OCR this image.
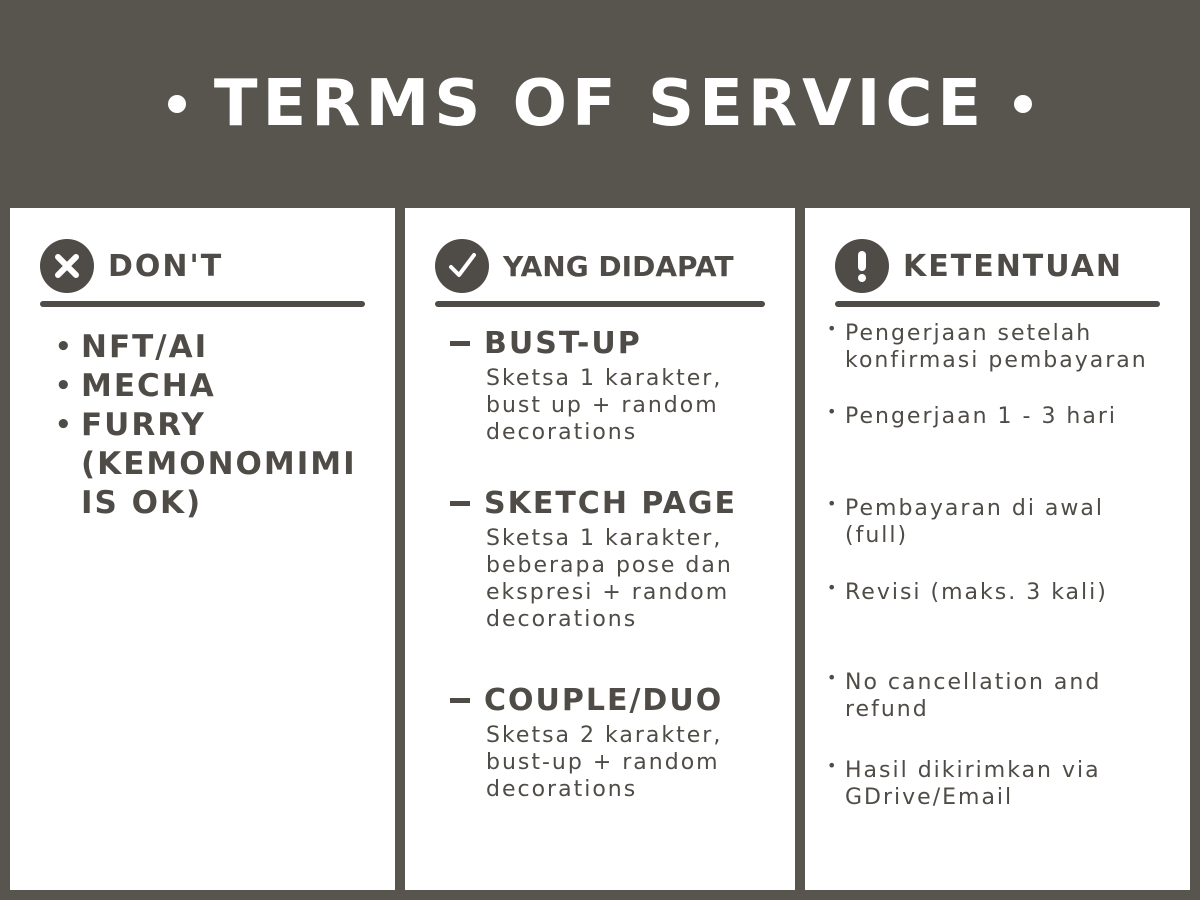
TERMS OF SERVICE
DON'T
• NFT/AI
• MECHA
• FURRY
(KEMONOMIMI
IS OK)
YANG DIDAPAT
BUST-UP
Sketsa 1 karakter,
bust up + random
decorations
SKETCH PAGE
Sketsa 1 karakter,
beberapa pose dan
ekspresi + random
decorations
COUPLE/DUO
Sketsa 2 karakter,
bust-up + random
decorations
KETENTUAN
• Pengerjaan setelah
konfirmasi pembayaran
• Pengerjaan 1 - 3 hari
• Pembayaran di awal
(full)
• Revisi (maks. 3 kali)
• No cancellation and
refund
• Hasil dikirimkan via
GDrive/Email
